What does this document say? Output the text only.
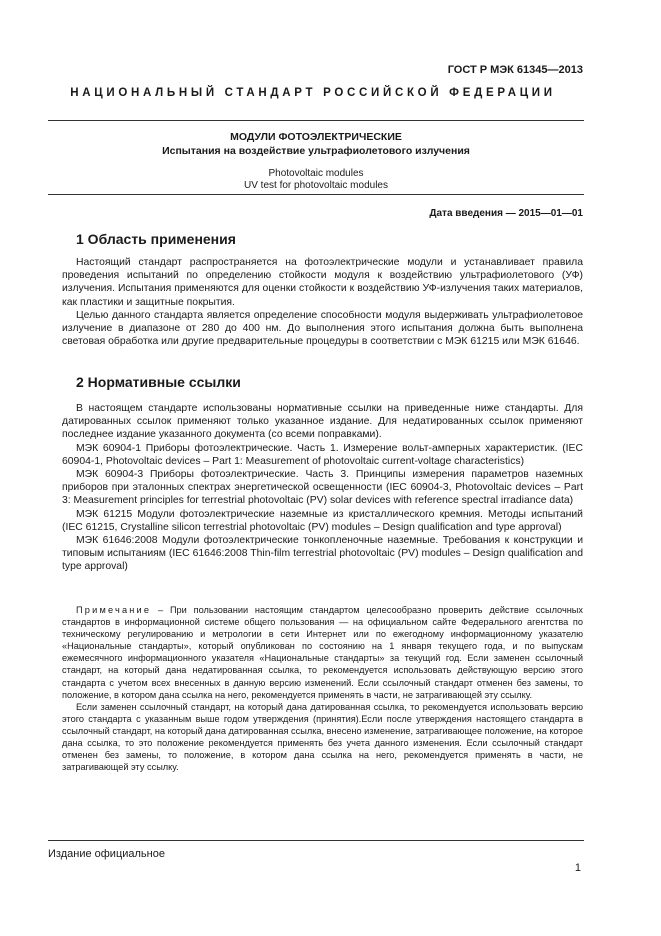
ГОСТ Р МЭК 61345—2013
НАЦИОНАЛЬНЫЙ СТАНДАРТ РОССИЙСКОЙ ФЕДЕРАЦИИ
МОДУЛИ ФОТОЭЛЕКТРИЧЕСКИЕ
Испытания на воздействие ультрафиолетового излучения
Photovoltaic modules
UV test for photovoltaic modules
Дата введения — 2015—01—01
1 Область применения

Настоящий стандарт распространяется на фотоэлектрические модули и устанавливает правила проведения испытаний по определению стойкости модуля к воздействию ультрафиолетового (УФ) излучения. Испытания применяются для оценки стойкости к воздействию УФ-излучения таких материалов, как пластики и защитные покрытия.

Целью данного стандарта является определение способности модуля выдерживать ультрафиолетовое излучение в диапазоне от 280 до 400 нм. До выполнения этого испытания должна быть выполнена световая обработка или другие предварительные процедуры в соответствии с МЭК 61215 или МЭК 61646.

2 Нормативные ссылки

В настоящем стандарте использованы нормативные ссылки на приведенные ниже стандарты. Для датированных ссылок применяют только указанное издание. Для недатированных ссылок применяют последнее издание указанного документа (со всеми поправками).

МЭК 60904-1 Приборы фотоэлектрические. Часть 1. Измерение вольт-амперных характеристик. (IEC 60904-1, Photovoltaic devices – Part 1: Measurement of photovoltaic current-voltage characteristics)

МЭК 60904-3 Приборы фотоэлектрические. Часть 3. Принципы измерения параметров наземных приборов при эталонных спектрах энергетической освещенности (IEC 60904-3, Photovoltaic devices – Part 3: Measurement principles for terrestrial photovoltaic (PV) solar devices with reference spectral irradiance data)

МЭК 61215 Модули фотоэлектрические наземные из кристаллического кремния. Методы испытаний (IEC 61215, Crystalline silicon terrestrial photovoltaic (PV) modules – Design qualification and type approval)

МЭК 61646:2008 Модули фотоэлектрические тонкопленочные наземные. Требования к конструкции и типовым испытаниям (IEC 61646:2008 Thin-film terrestrial photovoltaic (PV) modules – Design qualification and type approval)

Примечание – При пользовании настоящим стандартом целесообразно проверить действие ссылочных стандартов в информационной системе общего пользования — на официальном сайте Федерального агентства по техническому регулированию и метрологии в сети Интернет или по ежегодному информационному указателю «Национальные стандарты», который опубликован по состоянию на 1 января текущего года, и по выпускам ежемесячного информационного указателя «Национальные стандарты» за текущий год. Если заменен ссылочный стандарт, на который дана недатированная ссылка, то рекомендуется использовать действующую версию этого стандарта с учетом всех внесенных в данную версию изменений. Если ссылочный стандарт отменен без замены, то положение, в котором дана ссылка на него, рекомендуется применять в части, не затрагивающей эту ссылку.

Если заменен ссылочный стандарт, на который дана датированная ссылка, то рекомендуется использовать версию этого стандарта с указанным выше годом утверждения (принятия).Если после утверждения настоящего стандарта в ссылочный стандарт, на который дана датированная ссылка, внесено изменение, затрагивающее положение, на которое дана ссылка, то это положение рекомендуется применять без учета данного изменения. Если ссылочный стандарт отменен без замены, то положение, в котором дана ссылка на него, рекомендуется применять в части, не затрагивающей эту ссылку.

Издание официальное
1
